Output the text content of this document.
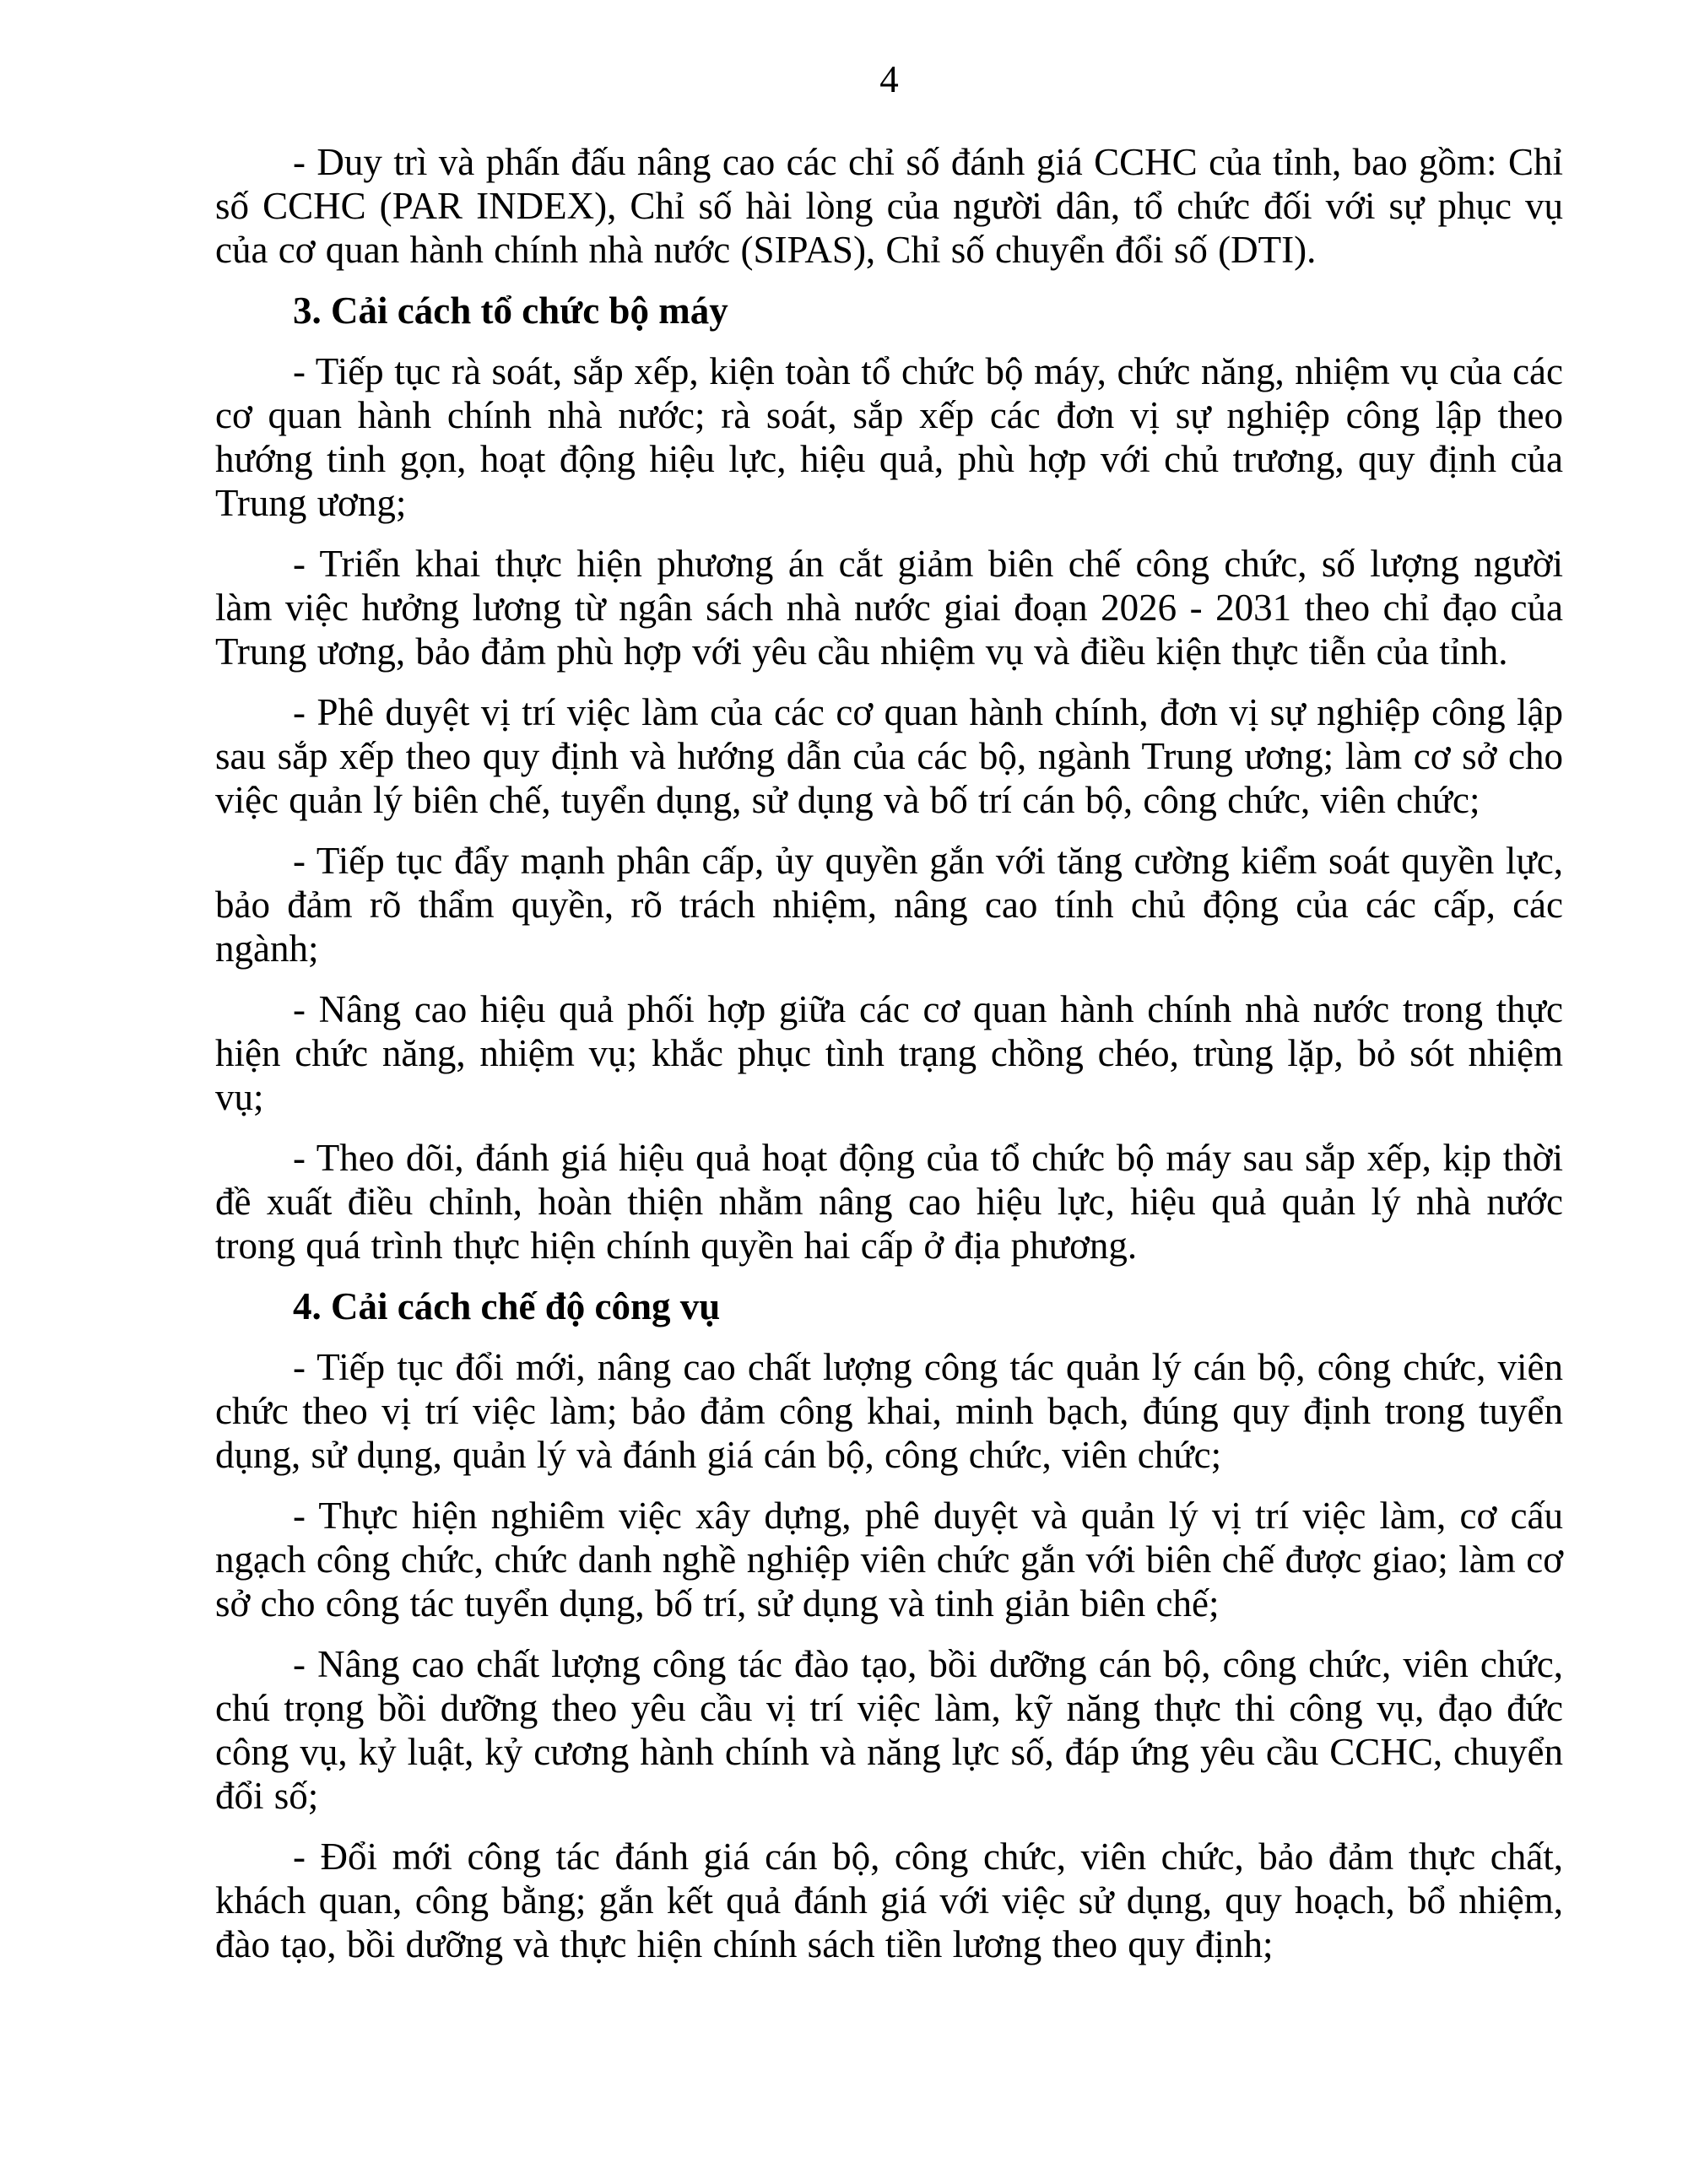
4

- Duy trì và phấn đấu nâng cao các chỉ số đánh giá CCHC của tỉnh, bao gồm: Chỉ số CCHC (PAR INDEX), Chỉ số hài lòng của người dân, tổ chức đối với sự phục vụ của cơ quan hành chính nhà nước (SIPAS), Chỉ số chuyển đổi số (DTI).

3. Cải cách tổ chức bộ máy

- Tiếp tục rà soát, sắp xếp, kiện toàn tổ chức bộ máy, chức năng, nhiệm vụ của các cơ quan hành chính nhà nước; rà soát, sắp xếp các đơn vị sự nghiệp công lập theo hướng tinh gọn, hoạt động hiệu lực, hiệu quả, phù hợp với chủ trương, quy định của Trung ương;

- Triển khai thực hiện phương án cắt giảm biên chế công chức, số lượng người làm việc hưởng lương từ ngân sách nhà nước giai đoạn 2026 - 2031 theo chỉ đạo của Trung ương, bảo đảm phù hợp với yêu cầu nhiệm vụ và điều kiện thực tiễn của tỉnh.

- Phê duyệt vị trí việc làm của các cơ quan hành chính, đơn vị sự nghiệp công lập sau sắp xếp theo quy định và hướng dẫn của các bộ, ngành Trung ương; làm cơ sở cho việc quản lý biên chế, tuyển dụng, sử dụng và bố trí cán bộ, công chức, viên chức;

- Tiếp tục đẩy mạnh phân cấp, ủy quyền gắn với tăng cường kiểm soát quyền lực, bảo đảm rõ thẩm quyền, rõ trách nhiệm, nâng cao tính chủ động của các cấp, các ngành;

- Nâng cao hiệu quả phối hợp giữa các cơ quan hành chính nhà nước trong thực hiện chức năng, nhiệm vụ; khắc phục tình trạng chồng chéo, trùng lặp, bỏ sót nhiệm vụ;

- Theo dõi, đánh giá hiệu quả hoạt động của tổ chức bộ máy sau sắp xếp, kịp thời đề xuất điều chỉnh, hoàn thiện nhằm nâng cao hiệu lực, hiệu quả quản lý nhà nước trong quá trình thực hiện chính quyền hai cấp ở địa phương.

4. Cải cách chế độ công vụ

- Tiếp tục đổi mới, nâng cao chất lượng công tác quản lý cán bộ, công chức, viên chức theo vị trí việc làm; bảo đảm công khai, minh bạch, đúng quy định trong tuyển dụng, sử dụng, quản lý và đánh giá cán bộ, công chức, viên chức;

- Thực hiện nghiêm việc xây dựng, phê duyệt và quản lý vị trí việc làm, cơ cấu ngạch công chức, chức danh nghề nghiệp viên chức gắn với biên chế được giao; làm cơ sở cho công tác tuyển dụng, bố trí, sử dụng và tinh giản biên chế;

- Nâng cao chất lượng công tác đào tạo, bồi dưỡng cán bộ, công chức, viên chức, chú trọng bồi dưỡng theo yêu cầu vị trí việc làm, kỹ năng thực thi công vụ, đạo đức công vụ, kỷ luật, kỷ cương hành chính và năng lực số, đáp ứng yêu cầu CCHC, chuyển đổi số;

- Đổi mới công tác đánh giá cán bộ, công chức, viên chức, bảo đảm thực chất, khách quan, công bằng; gắn kết quả đánh giá với việc sử dụng, quy hoạch, bổ nhiệm, đào tạo, bồi dưỡng và thực hiện chính sách tiền lương theo quy định;
